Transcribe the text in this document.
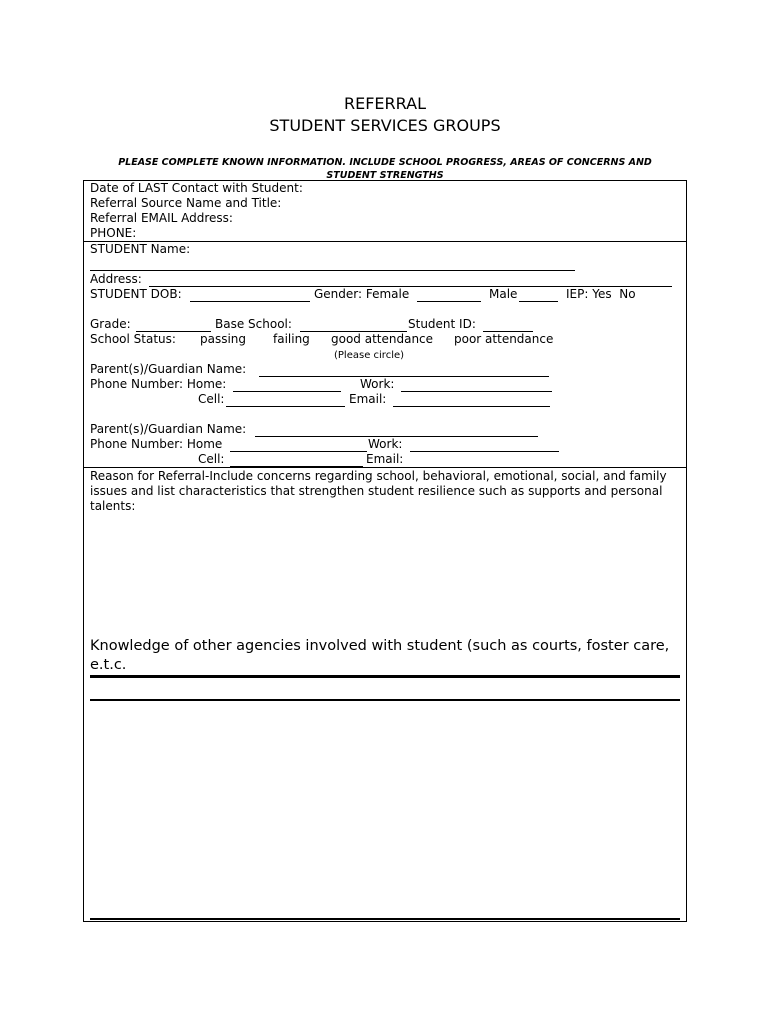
REFERRAL
STUDENT SERVICES GROUPS
PLEASE COMPLETE KNOWN INFORMATION. INCLUDE SCHOOL PROGRESS, AREAS OF CONCERNS AND
STUDENT STRENGTHS
Date of LAST Contact with Student:
Referral Source Name and Title:
Referral EMAIL Address:
PHONE:
STUDENT Name:
Address:
STUDENT DOB:	Gender: Female	Male	IEP: Yes  No
Grade:	Base School:	Student ID:
School Status: passing failing good attendance poor attendance
(Please circle)
Parent(s)/Guardian Name:
Phone Number: Home:	Work:
Cell:	Email:
Parent(s)/Guardian Name:
Phone Number: Home	Work:
Cell:	Email:
Reason for Referral-Include concerns regarding school, behavioral, emotional, social, and family issues and list characteristics that strengthen student resilience such as supports and personal talents:
Knowledge of other agencies involved with student (such as courts, foster care, e.t.c.
